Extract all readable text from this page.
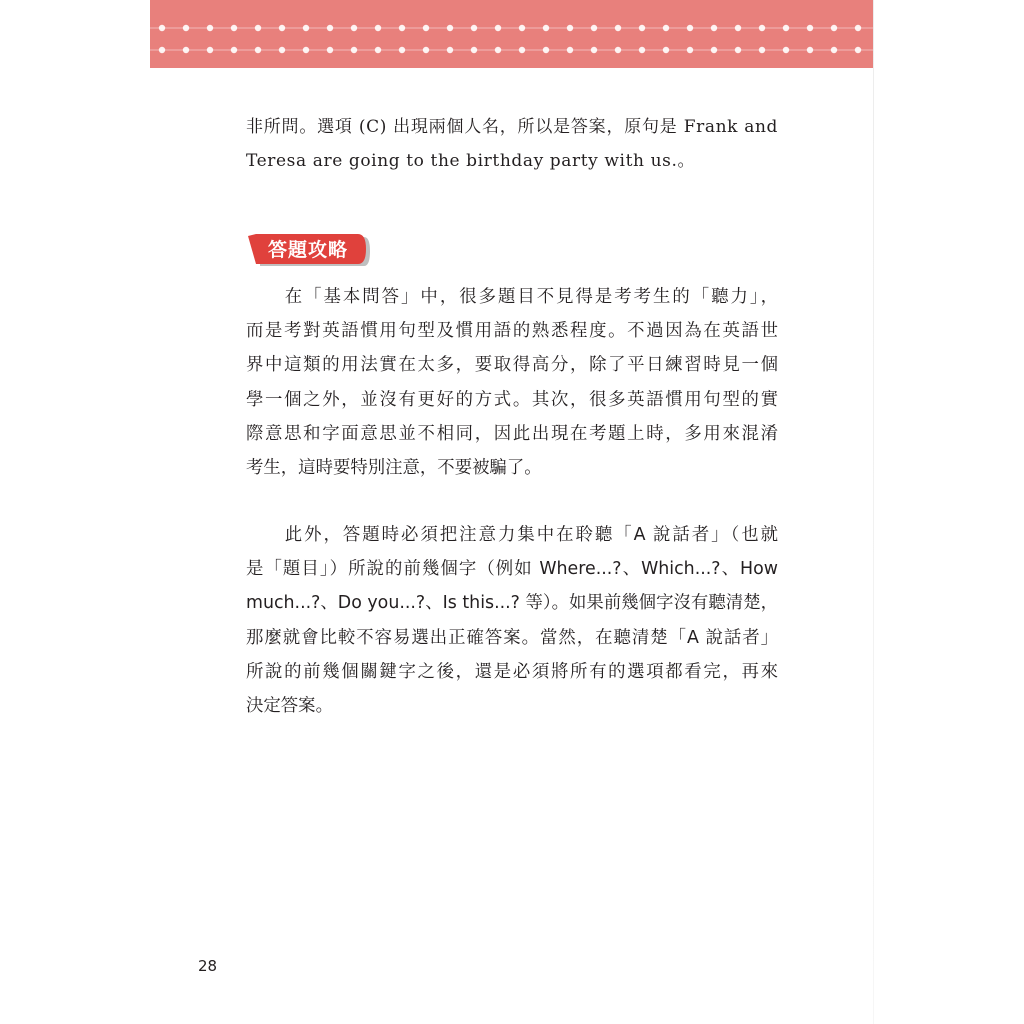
非所問。選項 (C) 出現兩個人名，所以是答案，原句是 Frank and
Teresa are going to the birthday party with us.。
答題攻略
　　在「基本問答」中，很多題目不見得是考考生的「聽力」，
而是考對英語慣用句型及慣用語的熟悉程度。不過因為在英語世
界中這類的用法實在太多，要取得高分，除了平日練習時見一個
學一個之外，並沒有更好的方式。其次，很多英語慣用句型的實
際意思和字面意思並不相同，因此出現在考題上時，多用來混淆
考生，這時要特別注意，不要被騙了。
　　此外，答題時必須把注意力集中在聆聽「A 說話者」（也就
是「題目」）所說的前幾個字（例如 Where...?、Which...?、How
much...?、Do you...?、Is this...? 等）。如果前幾個字沒有聽清楚，
那麼就會比較不容易選出正確答案。當然，在聽清楚「A 說話者」
所說的前幾個關鍵字之後，還是必須將所有的選項都看完，再來
決定答案。
28
